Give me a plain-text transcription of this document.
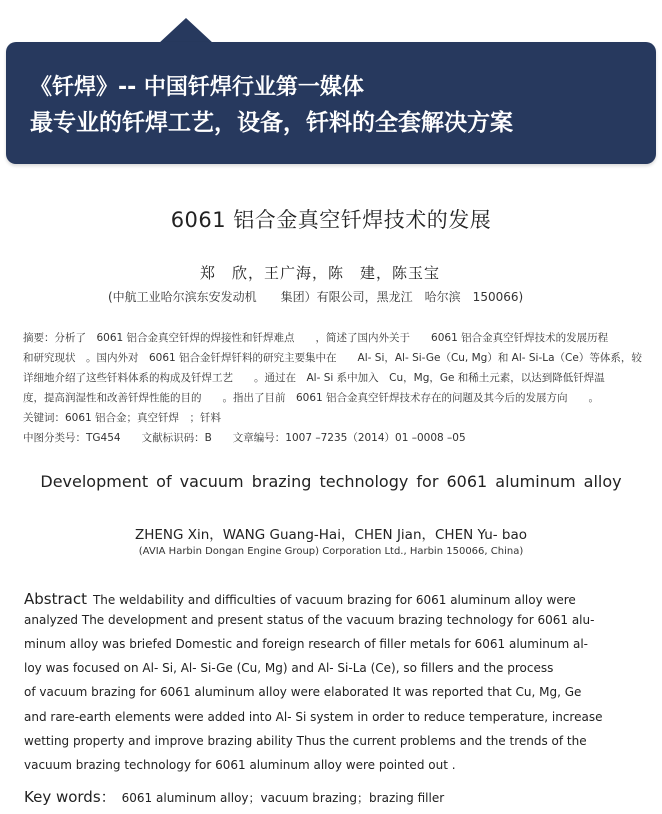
《钎焊》-- 中国钎焊行业第一媒体
最专业的钎焊工艺，设备，钎料的全套解决方案
6061 铝合金真空钎焊技术的发展
郑　欣，王广海，陈　建，陈玉宝
(中航工业哈尔滨东安发动机　　集团）有限公司，黑龙江　哈尔滨　150066)
摘要：分析了　6061 铝合金真空钎焊的焊接性和钎焊难点　　，简述了国内外关于　　6061 铝合金真空钎焊技术的发展历程
和研究现状　。国内外对　6061 铝合金钎焊钎料的研究主要集中在　　Al- Si，Al- Si-Ge（Cu, Mg）和 Al- Si-La（Ce）等体系，较
详细地介绍了这些钎料体系的构成及钎焊工艺　　。通过在　Al- Si 系中加入　Cu，Mg，Ge 和稀土元素，以达到降低钎焊温
度，提高润湿性和改善钎焊性能的目的　　。指出了目前　6061 铝合金真空钎焊技术存在的问题及其今后的发展方向　　。
关键词：6061 铝合金；真空钎焊　；钎料
中图分类号：TG454　　文献标识码：B　　文章编号：1007 –7235（2014）01 –0008 –05
Development of vacuum brazing technology for 6061 aluminum alloy
ZHENG Xin，WANG Guang-Hai，CHEN Jian，CHEN Yu- bao
(AVIA Harbin Dongan Engine Group) Corporation Ltd., Harbin 150066, China)
Abstract The weldability and difficulties of vacuum brazing for 6061 aluminum alloy were
analyzed The development and present status of the vacuum brazing technology for 6061 alu-
minum alloy was briefed Domestic and foreign research of filler metals for 6061 aluminum al-
loy was focused on Al- Si, Al- Si-Ge (Cu, Mg) and Al- Si-La (Ce), so fillers and the process
of vacuum brazing for 6061 aluminum alloy were elaborated It was reported that Cu, Mg, Ge
and rare-earth elements were added into Al- Si system in order to reduce temperature, increase
wetting property and improve brazing ability Thus the current problems and the trends of the
vacuum brazing technology for 6061 aluminum alloy were pointed out .
Key words： 6061 aluminum alloy；vacuum brazing；brazing filler
